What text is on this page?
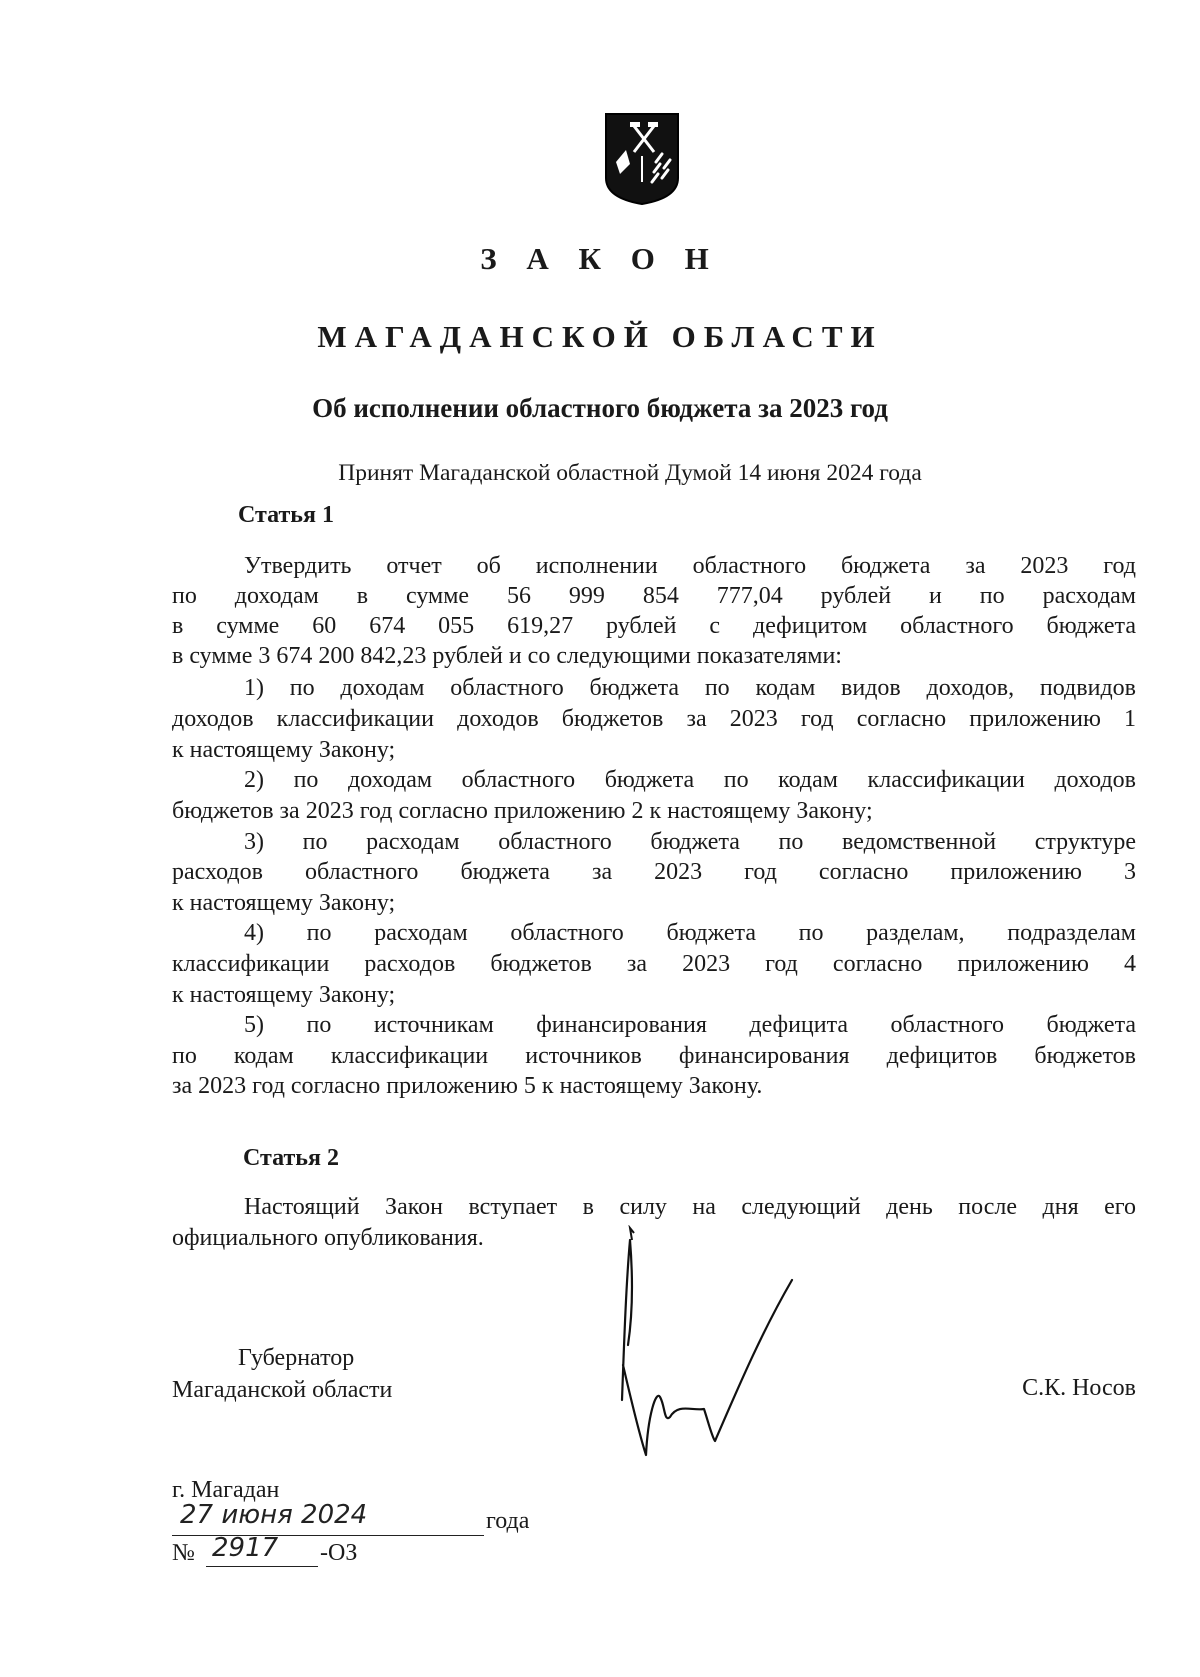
З А К О Н
МАГАДАНСКОЙ ОБЛАСТИ
Об исполнении областного бюджета за 2023 год
Принят Магаданской областной Думой 14 июня 2024 года
Статья 1
Утвердить отчет об исполнении областного бюджета за 2023 год
по доходам в сумме 56 999 854 777,04 рублей и по расходам
в сумме 60 674 055 619,27 рублей с дефицитом областного бюджета
в сумме 3 674 200 842,23 рублей и со следующими показателями:
1) по доходам областного бюджета по кодам видов доходов, подвидов
доходов классификации доходов бюджетов за 2023 год согласно приложению 1
к настоящему Закону;
2) по доходам областного бюджета по кодам классификации доходов
бюджетов за 2023 год согласно приложению 2 к настоящему Закону;
3) по расходам областного бюджета по ведомственной структуре
расходов областного бюджета за 2023 год согласно приложению 3
к настоящему Закону;
4) по расходам областного бюджета по разделам, подразделам
классификации расходов бюджетов за 2023 год согласно приложению 4
к настоящему Закону;
5) по источникам финансирования дефицита областного бюджета
по кодам классификации источников финансирования дефицитов бюджетов
за 2023 год согласно приложению 5 к настоящему Закону.
Статья 2
Настоящий Закон вступает в силу на следующий день после дня его
официального опубликования.
Губернатор
Магаданской области	С.К. Носов
г. Магадан
27 июня 2024	года
№ 2917 -ОЗ
